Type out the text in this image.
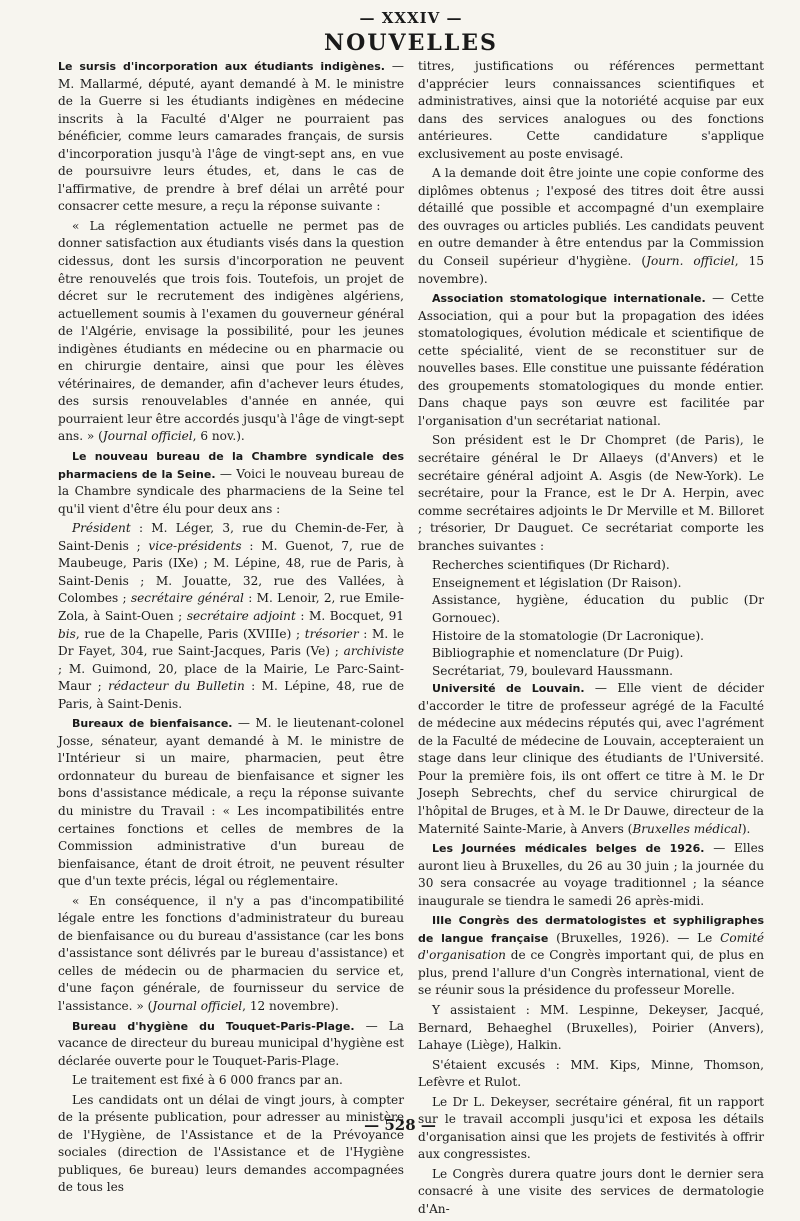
— XXXIV —
NOUVELLES

Le sursis d'incorporation aux étudiants indigènes. — M. Mallarmé, député, ayant demandé à M. le ministre de la Guerre si les étudiants indigènes en médecine inscrits à la Faculté d'Alger ne pourraient pas bénéficier, comme leurs camarades français, de sursis d'incorporation jusqu'à l'âge de vingt-sept ans, en vue de poursuivre leurs études, et, dans le cas de l'affirmative, de prendre à bref délai un arrêté pour consacrer cette mesure, a reçu la réponse suivante :

« La réglementation actuelle ne permet pas de donner satisfaction aux étudiants visés dans la question cidessus, dont les sursis d'incorporation ne peuvent être renouvelés que trois fois. Toutefois, un projet de décret sur le recrutement des indigènes algériens, actuellement soumis à l'examen du gouverneur général de l'Algérie, envisage la possibilité, pour les jeunes indigènes étudiants en médecine ou en pharmacie ou en chirurgie dentaire, ainsi que pour les élèves vétérinaires, de demander, afin d'achever leurs études, des sursis renouvelables d'année en année, qui pourraient leur être accordés jusqu'à l'âge de vingt-sept ans. » (Journal officiel, 6 nov.).

Le nouveau bureau de la Chambre syndicale des pharmaciens de la Seine. — Voici le nouveau bureau de la Chambre syndicale des pharmaciens de la Seine tel qu'il vient d'être élu pour deux ans :

Président : M. Léger, 3, rue du Chemin-de-Fer, à Saint-Denis ; vice-présidents : M. Guenot, 7, rue de Maubeuge, Paris (IXe) ; M. Lépine, 48, rue de Paris, à Saint-Denis ; M. Jouatte, 32, rue des Vallées, à Colombes ; secrétaire général : M. Lenoir, 2, rue Emile-Zola, à Saint-Ouen ; secrétaire adjoint : M. Bocquet, 91 bis, rue de la Chapelle, Paris (XVIIIe) ; trésorier : M. le Dr Fayet, 304, rue Saint-Jacques, Paris (Ve) ; archiviste ; M. Guimond, 20, place de la Mairie, Le Parc-Saint-Maur ; rédacteur du Bulletin : M. Lépine, 48, rue de Paris, à Saint-Denis.

Bureaux de bienfaisance. — M. le lieutenant-colonel Josse, sénateur, ayant demandé à M. le ministre de l'Intérieur si un maire, pharmacien, peut être ordonnateur du bureau de bienfaisance et signer les bons d'assistance médicale, a reçu la réponse suivante du ministre du Travail : « Les incompatibilités entre certaines fonctions et celles de membres de la Commission administrative d'un bureau de bienfaisance, étant de droit étroit, ne peuvent résulter que d'un texte précis, légal ou réglementaire.

« En conséquence, il n'y a pas d'incompatibilité légale entre les fonctions d'administrateur du bureau de bienfaisance ou du bureau d'assistance (car les bons d'assistance sont délivrés par le bureau d'assistance) et celles de médecin ou de pharmacien du service et, d'une façon générale, de fournisseur du service de l'assistance. » (Journal officiel, 12 novembre).

Bureau d'hygiène du Touquet-Paris-Plage. — La vacance de directeur du bureau municipal d'hygiène est déclarée ouverte pour le Touquet-Paris-Plage.

Le traitement est fixé à 6 000 francs par an.

Les candidats ont un délai de vingt jours, à compter de la présente publication, pour adresser au ministère de l'Hygiène, de l'Assistance et de la Prévoyance sociales (direction de l'Assistance et de l'Hygiène publiques, 6e bureau) leurs demandes accompagnées de tous les

titres, justifications ou références permettant d'apprécier leurs connaissances scientifiques et administratives, ainsi que la notoriété acquise par eux dans des services analogues ou des fonctions antérieures. Cette candidature s'applique exclusivement au poste envisagé.

A la demande doit être jointe une copie conforme des diplômes obtenus ; l'exposé des titres doit être aussi détaillé que possible et accompagné d'un exemplaire des ouvrages ou articles publiés. Les candidats peuvent en outre demander à être entendus par la Commission du Conseil supérieur d'hygiène. (Journ. officiel, 15 novembre).

Association stomatologique internationale. — Cette Association, qui a pour but la propagation des idées stomatologiques, évolution médicale et scientifique de cette spécialité, vient de se reconstituer sur de nouvelles bases. Elle constitue une puissante fédération des groupements stomatologiques du monde entier. Dans chaque pays son œuvre est facilitée par l'organisation d'un secrétariat national.

Son président est le Dr Chompret (de Paris), le secrétaire général le Dr Allaeys (d'Anvers) et le secrétaire général adjoint A. Asgis (de New-York). Le secrétaire, pour la France, est le Dr A. Herpin, avec comme secrétaires adjoints le Dr Merville et M. Billoret ; trésorier, Dr Dauguet. Ce secrétariat comporte les branches suivantes :

Recherches scientifiques (Dr Richard).

Enseignement et législation (Dr Raison).

Assistance, hygiène, éducation du public (Dr Gornouec).

Histoire de la stomatologie (Dr Lacronique).

Bibliographie et nomenclature (Dr Puig).

Secrétariat, 79, boulevard Haussmann.

Université de Louvain. — Elle vient de décider d'accorder le titre de professeur agrégé de la Faculté de médecine aux médecins réputés qui, avec l'agrément de la Faculté de médecine de Louvain, accepteraient un stage dans leur clinique des étudiants de l'Université. Pour la première fois, ils ont offert ce titre à M. le Dr Joseph Sebrechts, chef du service chirurgical de l'hôpital de Bruges, et à M. le Dr Dauwe, directeur de la Maternité Sainte-Marie, à Anvers (Bruxelles médical).

Les Journées médicales belges de 1926. — Elles auront lieu à Bruxelles, du 26 au 30 juin ; la journée du 30 sera consacrée au voyage traditionnel ; la séance inaugurale se tiendra le samedi 26 après-midi.

IIIe Congrès des dermatologistes et syphiligraphes de langue française (Bruxelles, 1926). — Le Comité d'organisation de ce Congrès important qui, de plus en plus, prend l'allure d'un Congrès international, vient de se réunir sous la présidence du professeur Morelle.

Y assistaient : MM. Lespinne, Dekeyser, Jacqué, Bernard, Behaeghel (Bruxelles), Poirier (Anvers), Lahaye (Liège), Halkin.

S'étaient excusés : MM. Kips, Minne, Thomson, Lefèvre et Rulot.

Le Dr L. Dekeyser, secrétaire général, fit un rapport sur le travail accompli jusqu'ici et exposa les détails d'organisation ainsi que les projets de festivités à offrir aux congressistes.

Le Congrès durera quatre jours dont le dernier sera consacré à une visite des services de dermatologie d'An-

— 528 —
